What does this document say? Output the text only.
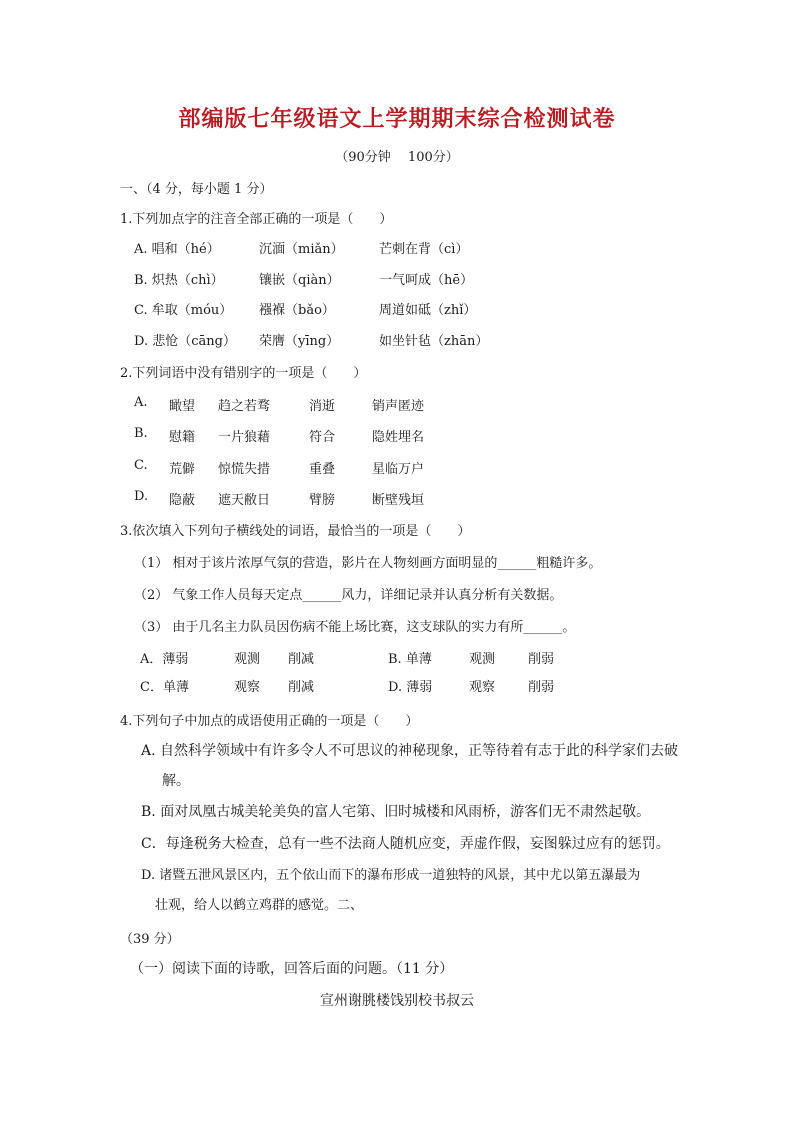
部编版七年级语文上学期期末综合检测试卷
（90分钟　 100分）
一、（4 分，每小题 1 分）
1.下列加点字的注音全部正确的一项是（　　）
A. 唱和（hé）	沉湎（miǎn）	芒刺在背（cì）
B. 炽热（chì）	镶嵌（qiàn）	一气呵成（hē）
C. 牟取（móu） 襁褓（bǎo）	周道如砥（zhǐ）
D. 悲怆（cāng） 荣膺（yīng）	如坐针毡（zhān）
2.下列词语中没有错别字的一项是（　　）
A. 瞰望 趋之若骛	消逝	销声匿迹
B. 慰籍 一片狼藉	符合	隐姓埋名
C. 荒僻 惊慌失措	重叠	星临万户
D. 隐蔽 遮天敝日	臂膀	断壁残垣
3.依次填入下列句子横线处的词语，最恰当的一项是（　　）
（1） 相对于该片浓厚气氛的营造，影片在人物刻画方面明显的______粗糙许多。
（2） 气象工作人员每天定点______风力，详细记录并认真分析有关数据。
（3） 由于几名主力队员因伤病不能上场比赛，这支球队的实力有所______。
A．薄弱	观测 削减	B. 单薄	观测	削弱
C．单薄	观察 削减	D. 薄弱	观察	削弱
4.下列句子中加点的成语使用正确的一项是（　　）
A. 自然科学领域中有许多令人不可思议的神秘现象，正等待着有志于此的科学家们去破
解。
B. 面对凤凰古城美轮美奂的富人宅第、旧时城楼和风雨桥，游客们无不肃然起敬。
C．每逢税务大检查，总有一些不法商人随机应变，弄虚作假，妄图躲过应有的惩罚。
D. 诸暨五泄风景区内，五个依山而下的瀑布形成一道独特的风景，其中尤以第五瀑最为
壮观，给人以鹤立鸡群的感觉。二、
（39 分）
（一）阅读下面的诗歌，回答后面的问题。（11 分）
宣州谢朓楼饯别校书叔云
